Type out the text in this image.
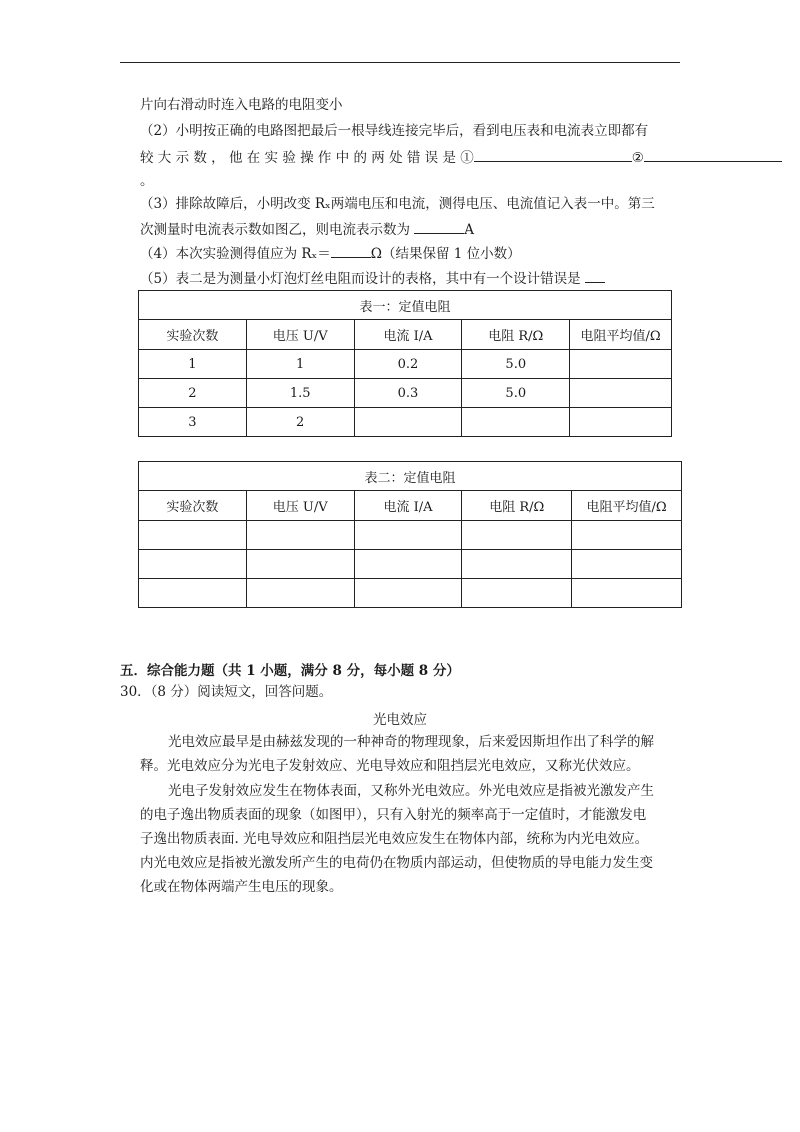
片向右滑动时连入电路的电阻变小
（2）小明按正确的电路图把最后一根导线连接完毕后，看到电压表和电流表立即都有
较 大 示 数 ， 他 在 实 验 操 作 中 的 两 处 错 误 是 ①	②
。
（3）排除故障后，小明改变 Rₓ两端电压和电流，测得电压、电流值记入表一中。第三
次测量时电流表示数如图乙，则电流表示数为	A
（4）本次实验测得值应为 Rₓ＝	Ω（结果保留 1 位小数）
（5）表二是为测量小灯泡灯丝电阻而设计的表格，其中有一个设计错误是
表一：定值电阻				
实验次数	电压 U/V	电流 I/A	电阻 R/Ω	电阻平均值/Ω
1	1	0.2	5.0	
2	1.5	0.3	5.0	
3	2			
表二：定值电阻				
实验次数	电压 U/V	电流 I/A	电阻 R/Ω	电阻平均值/Ω

五．综合能力题（共 1 小题，满分 8 分，每小题 8 分）
30．（8 分）阅读短文，回答问题。
光电效应
光电效应最早是由赫兹发现的一种神奇的物理现象，后来爱因斯坦作出了科学的解
释。光电效应分为光电子发射效应、光电导效应和阻挡层光电效应，又称光伏效应。
光电子发射效应发生在物体表面，又称外光电效应。外光电效应是指被光激发产生
的电子逸出物质表面的现象（如图甲），只有入射光的频率高于一定值时，才能激发电
子逸出物质表面. 光电导效应和阻挡层光电效应发生在物体内部，统称为内光电效应。
内光电效应是指被光激发所产生的电荷仍在物质内部运动，但使物质的导电能力发生变
化或在物体两端产生电压的现象。
